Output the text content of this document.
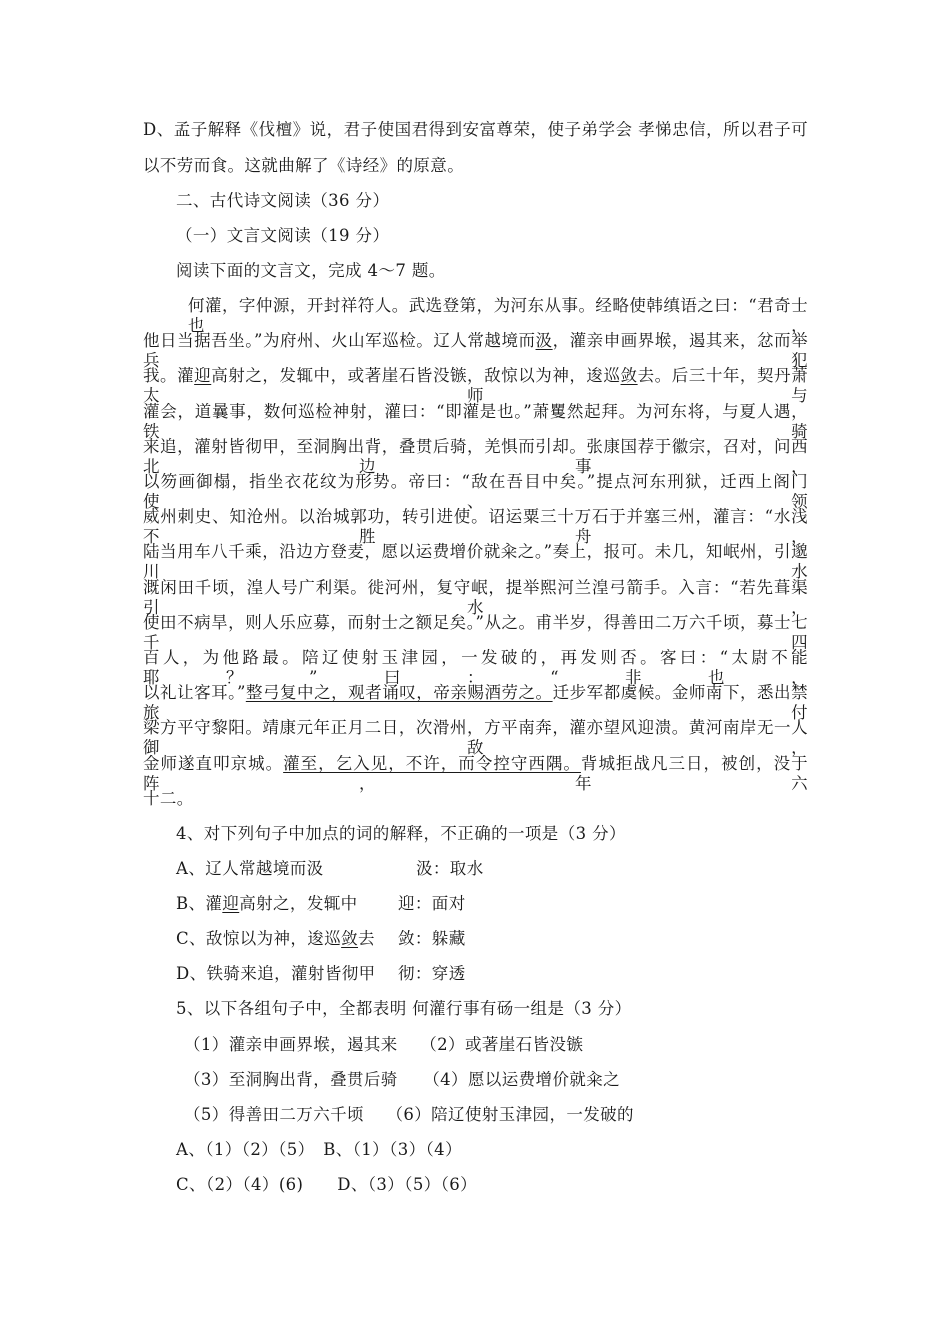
D、孟子解释《伐檀》说，君子使国君得到安富尊荣，使子弟学会 孝悌忠信，所以君子可
以不劳而食。这就曲解了《诗经》的原意。
二、古代诗文阅读（36 分）
（一）文言文阅读（19 分）
阅读下面的文言文，完成 4～7 题。
何灌，字仲源，开封祥符人。武选登第，为河东从事。经略使韩缜语之曰：“君奇士也，
他日当据吾坐。”为府州、火山军巡检。辽人常越境而汲，灌亲申画界堠，遏其来，忿而举兵犯
我。灌迎高射之，发辄中，或著崖石皆没镞，敌惊以为神，逡巡敛去。后三十年，契丹萧太师与
灌会，道曩事，数何巡检神射，灌曰：“即灌是也。”萧矍然起拜。为河东将，与夏人遇，铁骑
来追，灌射皆彻甲，至洞胸出背，叠贯后骑，羌惧而引却。张康国荐于徽宗，召对，问西北边事，
以笏画御榻，指坐衣花纹为形势。帝曰：“敌在吾目中矣。”提点河东刑狱，迁西上阁门使、领
威州刺史、知沧州。以治城郭功，转引进使。诏运粟三十万石于并塞三州，灌言：“水浅不胜舟，
陆当用车八千乘，沿边方登麦，愿以运费增价就籴之。”奏上，报可。未几，知岷州，引邈川水
溉闲田千顷，湟人号广利渠。徙河州，复守岷，提举熙河兰湟弓箭手。入言：“若先葺渠引水，
使田不病旱，则人乐应募，而射士之额足矣。”从之。甫半岁，得善田二万六千顷，募士七千四
百人，为他路最。陪辽使射玉津园，一发破的，再发则否。客曰：“太尉不能耶？”曰：“非也，
以礼让客耳。”整弓复中之，观者诵叹，帝亲赐酒劳之。迁步军都虞候。金师南下，悉出禁旅付
梁方平守黎阳。靖康元年正月二日，次滑州，方平南奔，灌亦望风迎溃。黄河南岸无一人御敌，
金师遂直叩京城。灌至，乞入见，不许，而令控守西隅。背城拒战凡三日，被创，没于阵，年六
十二。
4、对下列句子中加点的词的解释，不正确的一项是（3 分）
A、辽人常越境而汲	汲：取水
B、灌迎高射之，发辄中 迎：面对
C、敌惊以为神，逡巡敛去 敛：躲藏
D、铁骑来追，灌射皆彻甲 彻：穿透
5、以下各组句子中，全都表明 何灌行事有砀一组是（3 分）
（1）灌亲申画界堠，遏其来　 （2）或著崖石皆没镞
（3）至洞胸出背，叠贯后骑　　（4）愿以运费增价就籴之
（5）得善田二万六千顷　 （6）陪辽使射玉津园，一发破的
A、（1）（2）（5）　B、（1）（3）（4）
C、（2）（4）(6)　　D、（3）（5）（6）
